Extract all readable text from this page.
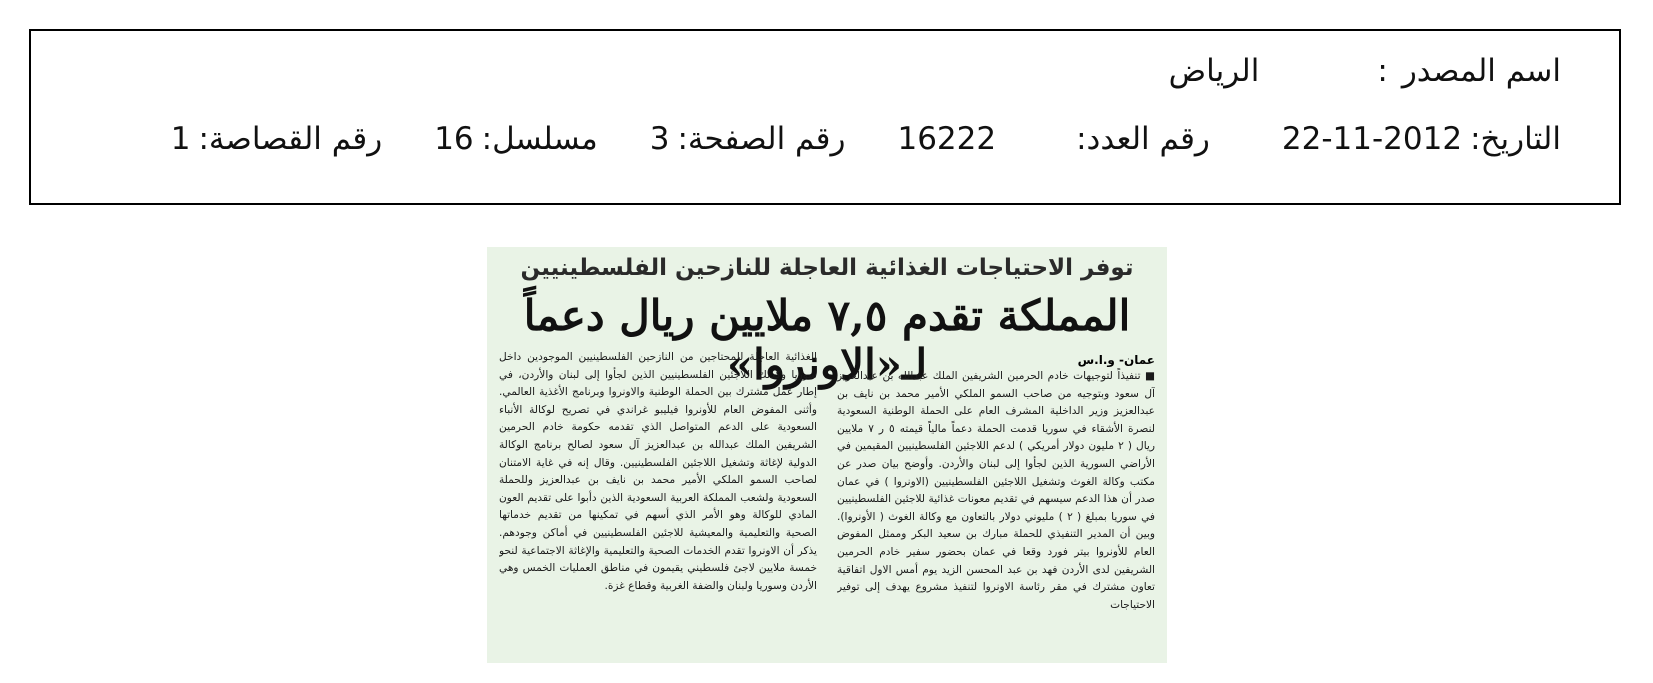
اسم المصدر
:
الرياض
التاريخ:
22-11-2012
رقم العدد:
16222
رقم الصفحة:
3
مسلسل:
16
رقم القصاصة:
1
توفر الاحتياجات الغذائية العاجلة للنازحين الفلسطينيين
المملكة تقدم ٧,٥ ملايين ريال دعماً لـ«الاونروا»	عمان- و.ا.س
■ تنفيذاً لتوجيهات خادم الحرمين الشريفين الملك عبدالله بن عبدالعزيز آل سعود وبتوجيه من صاحب السمو الملكي الأمير محمد بن نايف بن عبدالعزيز وزير الداخلية المشرف العام على الحملة الوطنية السعودية لنصرة الأشقاء في سوريا قدمت الحملة دعماً مالياً قيمته ٥ ر ٧ ملايين ريال ( ٢ مليون دولار أمريكي ) لدعم اللاجئين الفلسطينيين المقيمين في الأراضي السورية الذين لجأوا إلى لبنان والأردن. وأوضح بيان صدر عن مكتب وكالة الغوث وتشغيل اللاجئين الفلسطينيين (الاونروا ) في عمان صدر أن هذا الدعم سيسهم في تقديم معونات غذائية للاجئين الفلسطينيين في سوريا بمبلغ ( ٢ ) مليوني دولار بالتعاون مع وكالة الغوث ( الأونروا). وبين أن المدير التنفيذي للحملة مبارك بن سعيد البكر وممثل المفوض العام للأونروا بيتر فورد وقعا في عمان بحضور سفير خادم الحرمين الشريفين لدى الأردن فهد بن عبد المحسن الزيد يوم أمس الاول اتفاقية تعاون مشترك في مقر رئاسة الاونروا لتنفيذ مشروع يهدف إلى توفير الاحتياجات
الغذائية العاجلة للمحتاجين من النازحين الفلسطينيين الموجودين داخل سوريا وكذلك اللاجئين الفلسطينيين الذين لجأوا إلى لبنان والأردن، في إطار عمل مشترك بين الحملة الوطنية والاونروا وبرنامج الأغذية العالمي. وأثنى المفوض العام للأونروا فيليبو غراندي في تصريح لوكالة الأنباء السعودية على الدعم المتواصل الذي تقدمه حكومة خادم الحرمين الشريفين الملك عبدالله بن عبدالعزيز آل سعود لصالح برنامج الوكالة الدولية لإغاثة وتشغيل اللاجئين الفلسطينيين. وقال إنه في غاية الامتنان لصاحب السمو الملكي الأمير محمد بن نايف بن عبدالعزيز وللحملة السعودية ولشعب المملكة العربية السعودية الذين دأبوا على تقديم العون المادي للوكالة وهو الأمر الذي أسهم في تمكينها من تقديم خدماتها الصحية والتعليمية والمعيشية للاجئين الفلسطينيين في أماكن وجودهم. يذكر أن الاونروا تقدم الخدمات الصحية والتعليمية والإغاثة الاجتماعية لنحو خمسة ملايين لاجئ فلسطيني يقيمون في مناطق العمليات الخمس وهي الأردن وسوريا ولبنان والضفة الغربية وقطاع غزة.
